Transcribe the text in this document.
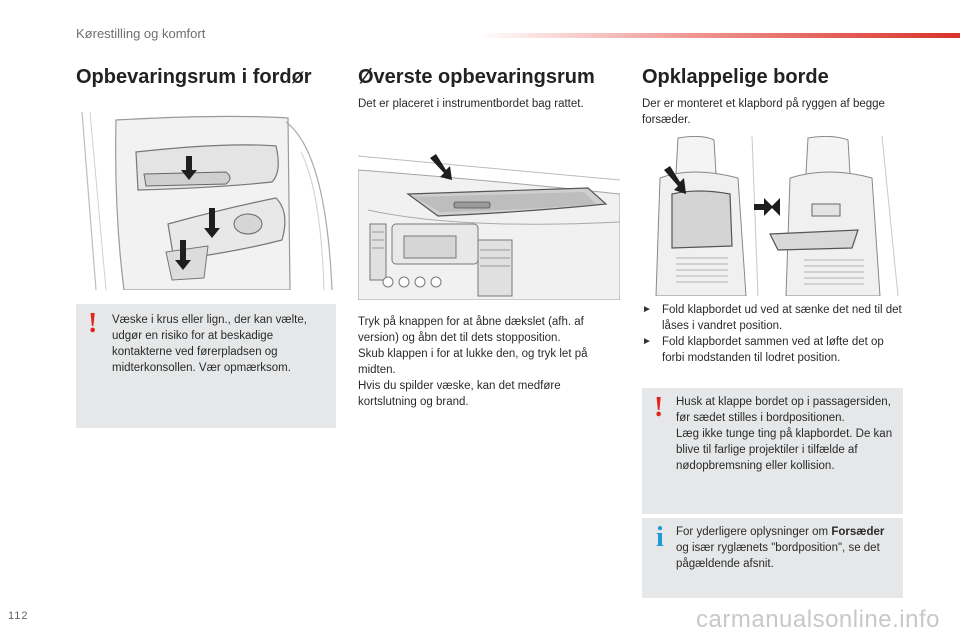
Kørestilling og komfort
Opbevaringsrum i fordør
! Væske i krus eller lign., der kan vælte, udgør en risiko for at beskadige kontakterne ved førerpladsen og midterkonsollen. Vær opmærksom.
Øverste opbevaringsrum
Det er placeret i instrumentbordet bag rattet.
Tryk på knappen for at åbne dækslet (afh. af version) og åbn det til dets stopposition.
Skub klappen i for at lukke den, og tryk let på midten.
Hvis du spilder væske, kan det medføre kortslutning og brand.
Opklappelige borde
Der er monteret et klapbord på ryggen af begge forsæder.
► Fold klapbordet ud ved at sænke det ned til det låses i vandret position.
► Fold klapbordet sammen ved at løfte det op forbi modstanden til lodret position.
! Husk at klappe bordet op i passagersiden, før sædet stilles i bordpositionen.
Læg ikke tunge ting på klapbordet. De kan blive til farlige projektiler i tilfælde af nødopbremsning eller kollision.
i For yderligere oplysninger om Forsæder og især ryglænets "bordposition", se det pågældende afsnit.
112	carmanualsonline.info
